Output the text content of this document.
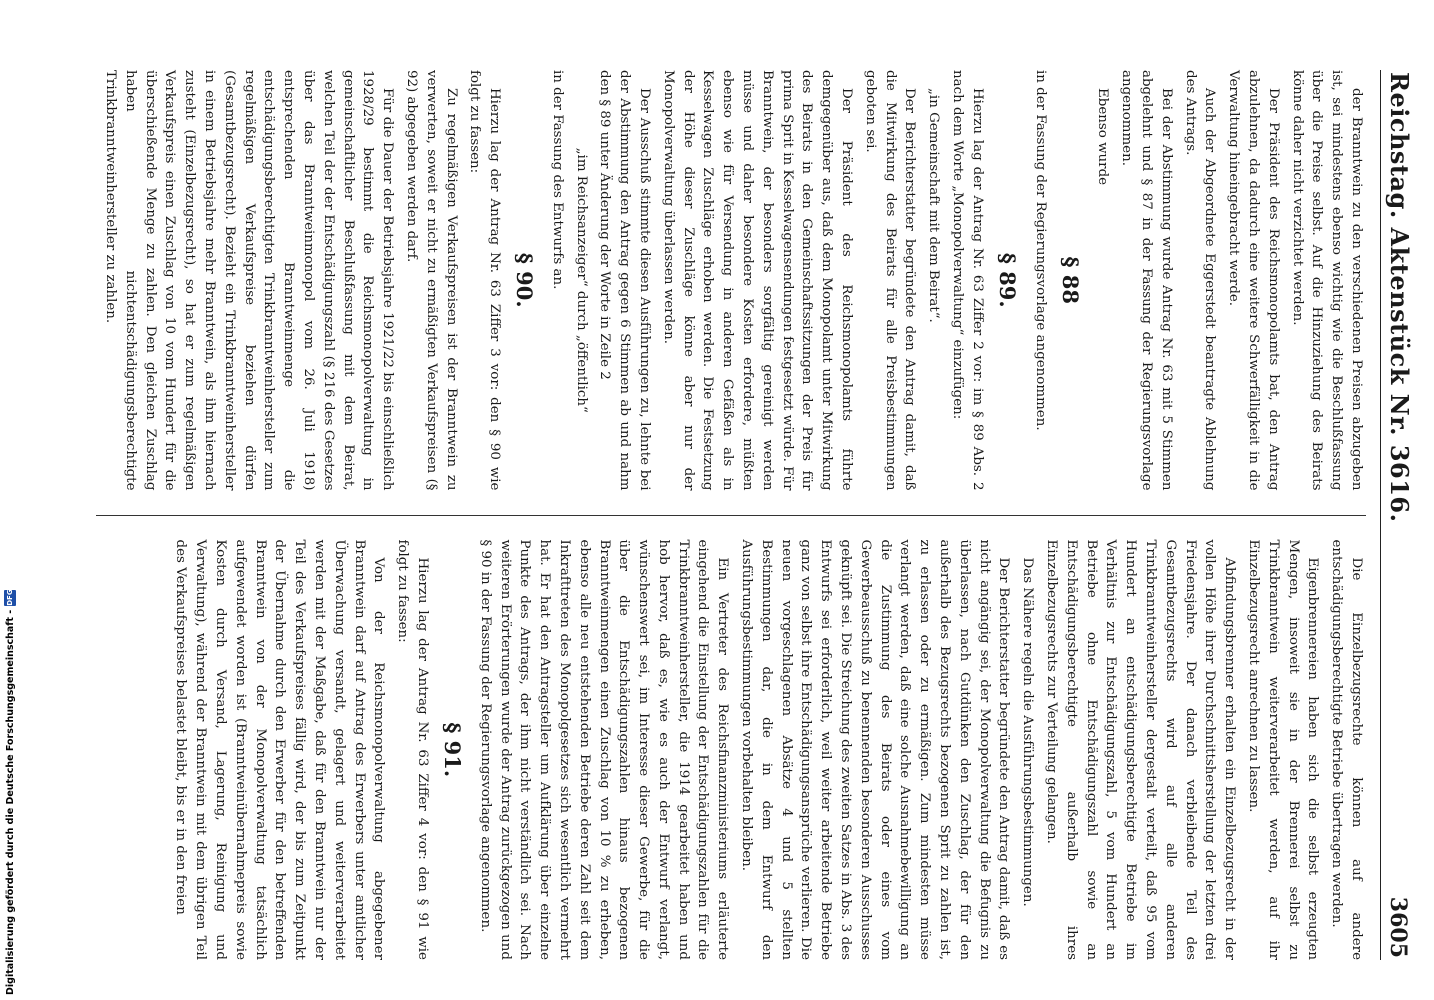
Reichstag. Aktenstück Nr. 3616.
3605

der Branntwein zu den verschiedenen Preisen abzugeben ist, sei mindestens ebenso wichtig wie die Beschlußfassung über die Preise selbst. Auf die Hinzuziehung des Beirats könne daher nicht verzichtet werden.

Der Präsident des Reichsmonopolamts bat, den Antrag abzulehnen, da dadurch eine weitere Schwerfälligkeit in die Verwaltung hineingebracht werde.

Auch der Abgeordnete Eggerstedt beantragte Ablehnung des Antrags.

Bei der Abstimmung wurde Antrag Nr. 63 mit 5 Stimmen abgelehnt und § 87 in der Fassung der Regierungsvorlage angenommen.

Ebenso wurde

§ 88

in der Fassung der Regierungsvorlage angenommen.

§ 89.

Hierzu lag der Antrag Nr. 63 Ziffer 2 vor: im § 89 Abs. 2 nach dem Worte „Monopolverwaltung“ einzufügen:

„in Gemeinschaft mit dem Beirat“.

Der Berichterstatter begründete den Antrag damit, daß die Mitwirkung des Beirats für alle Preisbestimmungen geboten sei.

Der Präsident des Reichsmonopolamts führte demgegenüber aus, daß dem Monopolamt unter Mitwirkung des Beirats in den Gemeinschaftssitzungen der Preis für prima Sprit in Kesselwagensendungen festgesetzt würde. Für Branntwein, der besonders sorgfältig gereinigt werden müsse und daher besondere Kosten erfordere, müßten ebenso wie für Versendung in anderen Gefäßen als in Kesselwagen Zuschläge erhoben werden. Die Festsetzung der Höhe dieser Zuschläge könne aber nur der Monopolverwaltung überlassen werden.

Der Ausschuß stimmte diesen Ausführungen zu, lehnte bei der Abstimmung den Antrag gegen 6 Stimmen ab und nahm den § 89 unter Änderung der Worte in Zeile 2

„im Reichsanzeiger“ durch „öffentlich“

in der Fassung des Entwurfs an.

§ 90.

Hierzu lag der Antrag Nr. 63 Ziffer 3 vor: den § 90 wie folgt zu fassen:

Zu regelmäßigen Verkaufspreisen ist der Branntwein zu verwerten, soweit er nicht zu ermäßigten Verkaufspreisen (§ 92) abgegeben werden darf.

Für die Dauer der Betriebsjahre 1921/22 bis einschließlich 1928/29 bestimmt die Reichsmonopolverwaltung in gemeinschaftlicher Beschlußfassung mit dem Beirat, welchen Teil der der Entschädigungszahl (§ 216 des Gesetzes über das Branntweinmonopol vom 26. Juli 1918) entsprechenden Branntweinmenge die entschädigungsberechtigten Trinkbranntweinhersteller zum regelmäßigen Verkaufspreise beziehen dürfen (Gesamtbezugsrecht). Bezieht ein Trinkbranntweinhersteller in einem Betriebsjahre mehr Branntwein, als ihm hiernach zusteht (Einzelbezugsrecht), so hat er zum regelmäßigen Verkaufspreis einen Zuschlag von 10 vom Hundert für die überschießende Menge zu zahlen. Den gleichen Zuschlag haben nichtentschädigungsberechtigte Trinkbranntweinhersteller zu zahlen.

Die Einzelbezugsrechte können auf andere entschädigungsberechtigte Betriebe übertragen werden.

Eigenbrennereien haben sich die selbst erzeugten Mengen, insoweit sie in der Brennerei selbst zu Trinkbranntwein weiterverarbeitet werden, auf ihr Einzelbezugsrecht anrechnen zu lassen.

Abfindungsbrenner erhalten ein Einzelbezugsrecht in der vollen Höhe ihrer Durchschnittsherstellung der letzten drei Friedensjahre. Der danach verbleibende Teil des Gesamtbezugsrechts wird auf alle anderen Trinkbranntweinhersteller dergestalt verteilt, daß 95 vom Hundert an entschädigungsberechtigte Betriebe im Verhältnis zur Entschädigungszahl, 5 vom Hundert an Betriebe ohne Entschädigungszahl sowie an Entschädigungsberechtigte außerhalb ihres Einzelbezugsrechts zur Verteilung gelangen.

Das Nähere regeln die Ausführungsbestimmungen.

Der Berichterstatter begründete den Antrag damit, daß es nicht angängig sei, der Monopolverwaltung die Befugnis zu überlassen, nach Gutdünken den Zuschlag, der für den außerhalb des Bezugsrechts bezogenen Sprit zu zahlen ist, zu erlassen oder zu ermäßigen. Zum mindesten müsse verlangt werden, daß eine solche Ausnahmebewilligung an die Zustimmung des Beirats oder eines vom Gewerbeausschuß zu benennenden besonderen Ausschusses geknüpft sei. Die Streichung des zweiten Satzes in Abs. 3 des Entwurfs sei erforderlich, weil weiter arbeitende Betriebe ganz von selbst ihre Entschädigungsansprüche verlieren. Die neuen vorgeschlagenen Absätze 4 und 5 stellten Bestimmungen dar, die in dem Entwurf den Ausführungsbestimmungen vorbehalten bleiben.

Ein Vertreter des Reichsfinanzministeriums erläuterte eingehend die Einstellung der Entschädigungszahlen für die Trinkbranntweinhersteller, die 1914 gearbeitet haben und hob hervor, daß es, wie es auch der Entwurf verlangt, wünschenswert sei, im Interesse dieser Gewerbe, für die über die Entschädigungszahlen hinaus bezogenen Branntweinmengen einen Zuschlag von 10 % zu erheben, ebenso alle neu entstehenden Betriebe deren Zahl seit dem Inkrafttreten des Monopolgesetzes sich wesentlich vermehrt hat. Er hat den Antragsteller um Aufklärung über einzelne Punkte des Antrags, der ihm nicht verständlich sei. Nach weiteren Erörterungen wurde der Antrag zurückgezogen und § 90 in der Fassung der Regierungsvorlage angenommen.

§ 91.

Hierzu lag der Antrag Nr. 63 Ziffer 4 vor: den § 91 wie folgt zu fassen:

Von der Reichsmonopolverwaltung abgegebener Branntwein darf auf Antrag des Erwerbers unter amtlicher Überwachung versandt, gelagert und weiterverarbeitet werden mit der Maßgabe, daß für den Branntwein nur der Teil des Verkaufspreises fällig wird, der bis zum Zeitpunkt der Übernahme durch den Erwerber für den betreffenden Branntwein von der Monopolverwaltung tatsächlich aufgewendet worden ist (Branntweinübernahmepreis sowie Kosten durch Versand, Lagerung, Reinigung und Verwaltung), während der Branntwein mit dem übrigen Teil des Verkaufspreises belastet bleibt, bis er in den freien

Digitalisierung gefördert durch die Deutsche Forschungsgemeinschaft -
DFG
